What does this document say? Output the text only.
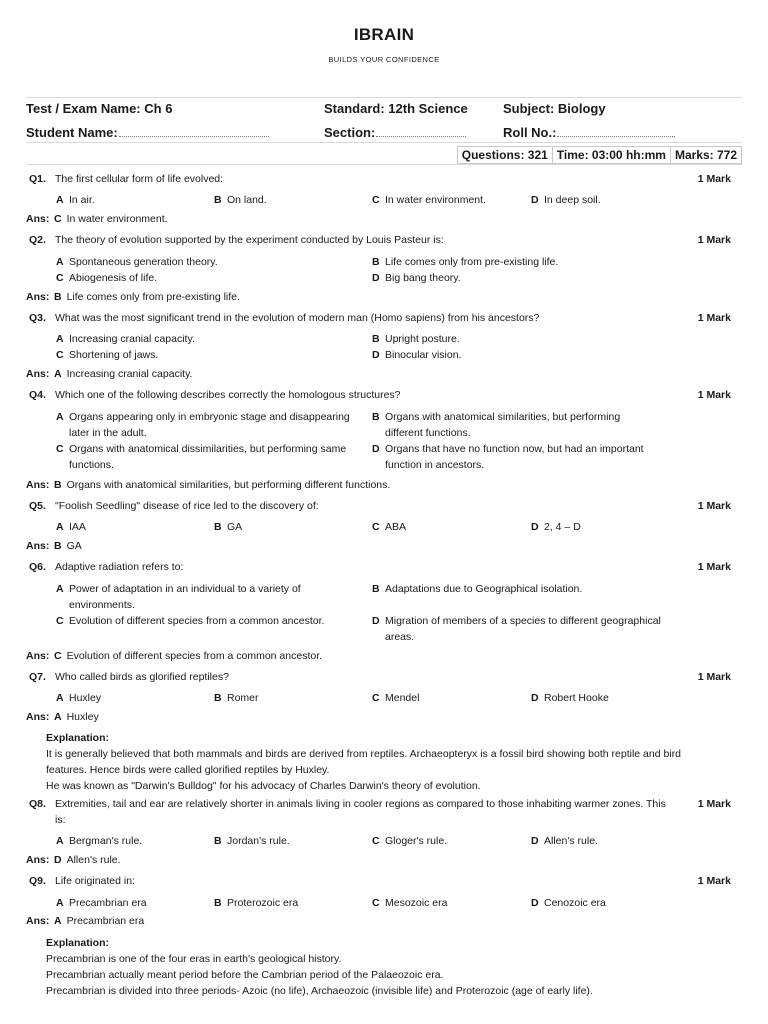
IBRAIN
BUILDS YOUR CONFIDENCE
Test / Exam Name: Ch 6	Standard: 12th Science	Subject: Biology
Student Name:	Section:	Roll No.:
Questions: 321 Time: 03:00 hh:mm Marks: 772
Q1. The first cellular form of life evolved:	1 Mark
A In air.	B On land.	C In water environment.	D In deep soil.
Ans: C In water environment.
Q2. The theory of evolution supported by the experiment conducted by Louis Pasteur is:	1 Mark
A Spontaneous generation theory.	B Life comes only from pre-existing life.
C Abiogenesis of life.	D Big bang theory.
Ans: B Life comes only from pre-existing life.
Q3. What was the most significant trend in the evolution of modern man (Homo sapiens) from his ancestors?	1 Mark
A Increasing cranial capacity.	B Upright posture.
C Shortening of jaws.	D Binocular vision.
Ans: A Increasing cranial capacity.
Q4. Which one of the following describes correctly the homologous structures?	1 Mark
A Organs appearing only in embryonic stage and disappearing later in the adult.
B Organs with anatomical similarities, but performing different functions.
C Organs with anatomical dissimilarities, but performing same functions.
D Organs that have no function now, but had an important function in ancestors.
Ans: B Organs with anatomical similarities, but performing different functions.
Q5. "Foolish Seedling" disease of rice led to the discovery of:	1 Mark
A IAA	B GA	C ABA	D 2, 4 – D
Ans: B GA
Q6. Adaptive radiation refers to:	1 Mark
A Power of adaptation in an individual to a variety of environments.
B Adaptations due to Geographical isolation.
C Evolution of different species from a common ancestor.	D Migration of members of a species to different geographical areas.
Ans: C Evolution of different species from a common ancestor.
Q7. Who called birds as glorified reptiles?	1 Mark
A Huxley	B Romer	C Mendel	D Robert Hooke
Ans: A Huxley
Explanation:
It is generally believed that both mammals and birds are derived from reptiles. Archaeopteryx is a fossil bird showing both reptile and bird features. Hence birds were called glorified reptiles by Huxley.
He was known as "Darwin's Bulldog" for his advocacy of Charles Darwin's theory of evolution.
Q8. Extremities, tail and ear are relatively shorter in animals living in cooler regions as compared to those inhabiting warmer zones. This is:
1 Mark
A Bergman's rule.	B Jordan's rule.	C Gloger's rule.	D Allen's rule.
Ans: D Allen's rule.
Q9. Life originated in:	1 Mark
A Precambrian era	B Proterozoic era	C Mesozoic era	D Cenozoic era
Ans: A Precambrian era
Explanation:
Precambrian is one of the four eras in earth's geological history.
Precambrian actually meant period before the Cambrian period of the Palaeozoic era.
Precambrian is divided into three periods- Azoic (no life), Archaeozoic (invisible life) and Proterozoic (age of early life).
